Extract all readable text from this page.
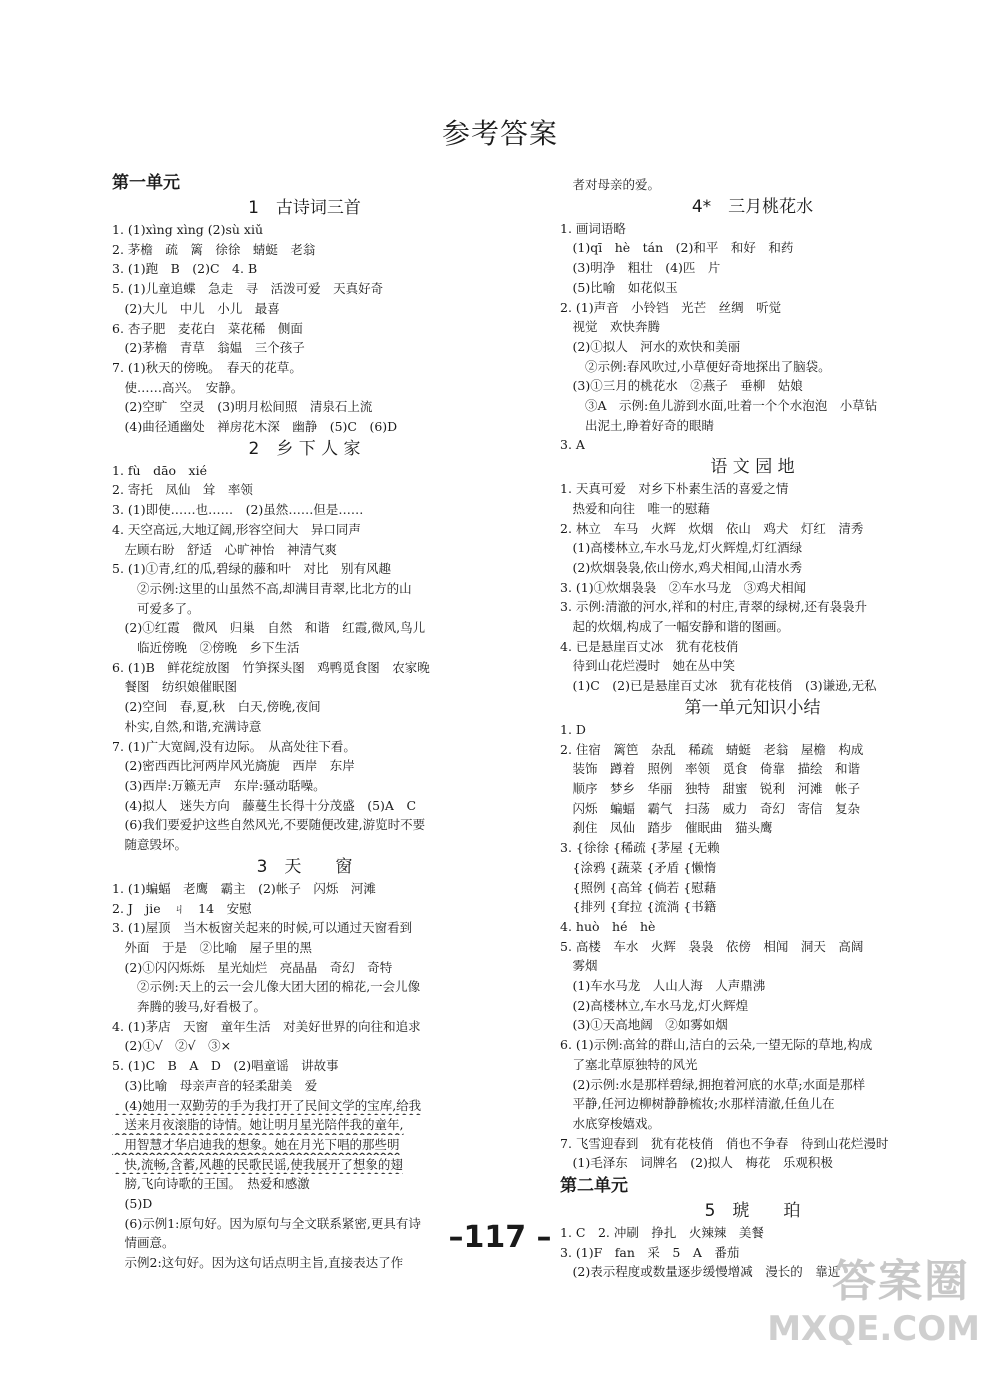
参考答案
第一单元
1　古诗词三首
1. (1)xìng xìng (2)sù xiǔ
2. 茅檐　疏　篱　徐徐　蜻蜓　老翁
3. (1)跑　B　(2)C　4. B
5. (1)儿童追蝶　急走　寻　活泼可爱　天真好奇
　(2)大儿　中儿　小儿　最喜
6. 杏子肥　麦花白　菜花稀　侧面
　(2)茅檐　青草　翁媪　三个孩子
7. (1)秋天的傍晚。　春天的花草。
　使……高兴。　安静。
　(2)空旷　空灵　(3)明月松间照　清泉石上流
　(4)曲径通幽处　禅房花木深　幽静　(5)C　(6)D
2　乡 下 人 家
1. fù　dāo　xié
2. 寄托　凤仙　耸　率领
3. (1)即使……也……　(2)虽然……但是……
4. 天空高远,大地辽阔,形容空间大　异口同声
　左顾右盼　舒适　心旷神怡　神清气爽
5. (1)①青,红的瓜,碧绿的藤和叶　对比　别有风趣
　　②示例:这里的山虽然不高,却满目青翠,比北方的山
　　可爱多了。
　(2)①红霞　微风　归巢　自然　和谐　红霞,微风,鸟儿
　　临近傍晚　②傍晚　乡下生活
6. (1)B　鲜花绽放图　竹笋探头图　鸡鸭觅食图　农家晚
　餐图　纺织娘催眠图
　(2)空间　春,夏,秋　白天,傍晚,夜间
　朴实,自然,和谐,充满诗意
7. (1)广大宽阔,没有边际。　从高处往下看。
　(2)密西西比河两岸风光旖旎　西岸　东岸
　(3)西岸:万籁无声　东岸:骚动聒噪。
　(4)拟人　迷失方向　藤蔓生长得十分茂盛　(5)A　C
　(6)我们要爱护这些自然风光,不要随便改建,游览时不要
　随意毁坏。
3　天　　窗
1. (1)蝙蝠　老鹰　霸主　(2)帐子　闪烁　河滩
2. J　jie　ㄐ　14　安慰
3. (1)屋顶　当木板窗关起来的时候,可以通过天窗看到
　外面　于是　②比喻　屋子里的黑
　(2)①闪闪烁烁　星光灿烂　亮晶晶　奇幻　奇特
　　②示例:天上的云一会儿像大团大团的棉花,一会儿像
　　奔腾的骏马,好看极了。
4. (1)茅店　天窗　童年生活　对美好世界的向往和追求
　(2)①√　②√　③×
5. (1)C　B　A　D　(2)唱童谣　讲故事
　(3)比喻　母亲声音的轻柔甜美　爱
　(4)她用一双勤劳的手为我打开了民间文学的宝库,给我
　送来月夜滚脂的诗情。她让明月星光陪伴我的童年,
　用智慧才华启迪我的想象。她在月光下唱的那些明
　快,流畅,含蓄,风趣的民歌民谣,使我展开了想象的翅
　膀,飞向诗歌的王国。　热爱和感激
　(5)D
　(6)示例1:原句好。因为原句与全文联系紧密,更具有诗
　情画意。
　示例2:这句好。因为这句话点明主旨,直接表达了作
　者对母亲的爱。
4*　三月桃花水
1. 画词语略
　(1)qī　hè　tán　(2)和平　和好　和药
　(3)明净　粗壮　(4)匹　片
　(5)比喻　如花似玉
2. (1)声音　小铃铛　光芒　丝绸　听觉
　视觉　欢快奔腾
　(2)①拟人　河水的欢快和美丽
　　②示例:春风吹过,小草便好奇地探出了脑袋。
　(3)①三月的桃花水　②燕子　垂柳　姑娘
　　③A　示例:鱼儿游到水面,吐着一个个水泡泡　小草钻
　　出泥土,睁着好奇的眼睛
3. A
语 文 园 地
1. 天真可爱　对乡下朴素生活的喜爱之情
　热爱和向往　唯一的慰藉
2. 林立　车马　火辉　炊烟　依山　鸡犬　灯红　清秀
　(1)高楼林立,车水马龙,灯火辉煌,灯红酒绿
　(2)炊烟袅袅,依山傍水,鸡犬相闻,山清水秀
3. (1)①炊烟袅袅　②车水马龙　③鸡犬相闻
3. 示例:清澈的河水,祥和的村庄,青翠的绿树,还有袅袅升
　起的炊烟,构成了一幅安静和谐的图画。
4. 已是悬崖百丈冰　犹有花枝俏
　待到山花烂漫时　她在丛中笑
　(1)C　(2)已是悬崖百丈冰　犹有花枝俏　(3)谦逊,无私
第一单元知识小结
1. D
2. 住宿　篱笆　杂乱　稀疏　蜻蜓　老翁　屋檐　构成
　装饰　蹲着　照例　率领　觅食　倚靠　描绘　和谐
　顺序　梦乡　华丽　独特　甜蜜　锐利　河滩　帐子
　闪烁　蝙蝠　霸气　扫荡　威力　奇幻　寄信　复杂
　刹住　凤仙　踏步　催眠曲　猫头鹰
3. {徐徐 {稀疏 {茅屋 {无赖
　{涂鸦 {蔬菜 {矛盾 {懒惰
　{照例 {高耸 {倘若 {慰藉
　{排列 {耷拉 {流淌 {书籍
4. huò　hé　hè
5. 高楼　车水　火辉　袅袅　依傍　相闻　洞天　高阔
　雾烟
　(1)车水马龙　人山人海　人声鼎沸
　(2)高楼林立,车水马龙,灯火辉煌
　(3)①天高地阔　②如雾如烟
6. (1)示例:高耸的群山,洁白的云朵,一望无际的草地,构成
　了塞北草原独特的风光
　(2)示例:水是那样碧绿,拥抱着河底的水草;水面是那样
　平静,任河边柳树静静梳妆;水那样清澈,任鱼儿在
　水底穿梭嬉戏。
7. 飞雪迎春到　犹有花枝俏　俏也不争春　待到山花烂漫时
　(1)毛泽东　词牌名　(2)拟人　梅花　乐观积极
第二单元
5　琥　　珀
1. C　2. 冲刷　挣扎　火辣辣　美餐
3. (1)F　fan　采　5　A　番茄
　(2)表示程度或数量逐步缓慢增减　漫长的　靠近
–117 –
答案圈
MXQE.COM
